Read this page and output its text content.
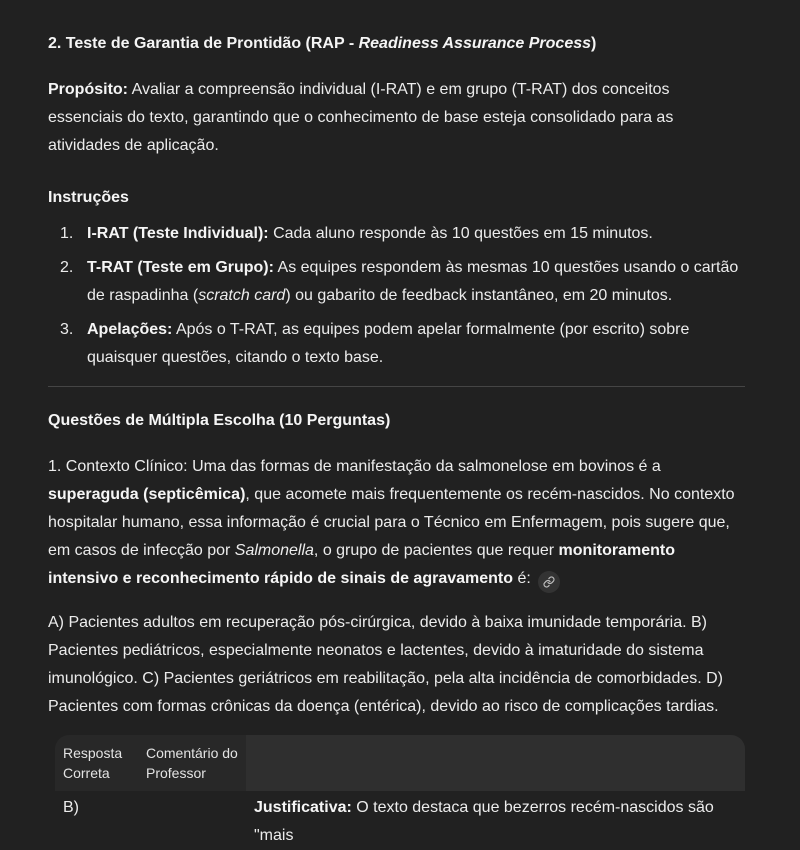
2. Teste de Garantia de Prontidão (RAP - Readiness Assurance Process)

Propósito: Avaliar a compreensão individual (I-RAT) e em grupo (T-RAT) dos conceitos essenciais do texto, garantindo que o conhecimento de base esteja consolidado para as atividades de aplicação.

Instruções
1. I-RAT (Teste Individual): Cada aluno responde às 10 questões em 15 minutos.
2. T-RAT (Teste em Grupo): As equipes respondem às mesmas 10 questões usando o cartão de raspadinha (scratch card) ou gabarito de feedback instantâneo, em 20 minutos.
3. Apelações: Após o T-RAT, as equipes podem apelar formalmente (por escrito) sobre quaisquer questões, citando o texto base.
Questões de Múltipla Escolha (10 Perguntas)

1. Contexto Clínico: Uma das formas de manifestação da salmonelose em bovinos é a superaguda (septicêmica), que acomete mais frequentemente os recém-nascidos. No contexto hospitalar humano, essa informação é crucial para o Técnico em Enfermagem, pois sugere que, em casos de infecção por Salmonella, o grupo de pacientes que requer monitoramento intensivo e reconhecimento rápido de sinais de agravamento é:

A) Pacientes adultos em recuperação pós-cirúrgica, devido à baixa imunidade temporária. B) Pacientes pediátricos, especialmente neonatos e lactentes, devido à imaturidade do sistema imunológico. C) Pacientes geriátricos em reabilitação, pela alta incidência de comorbidades. D) Pacientes com formas crônicas da doença (entérica), devido ao risco de complicações tardias.

Resposta Correta
Comentário do Professor
B)	Justificativa: O texto destaca que bezerros recém-nascidos são "mais
